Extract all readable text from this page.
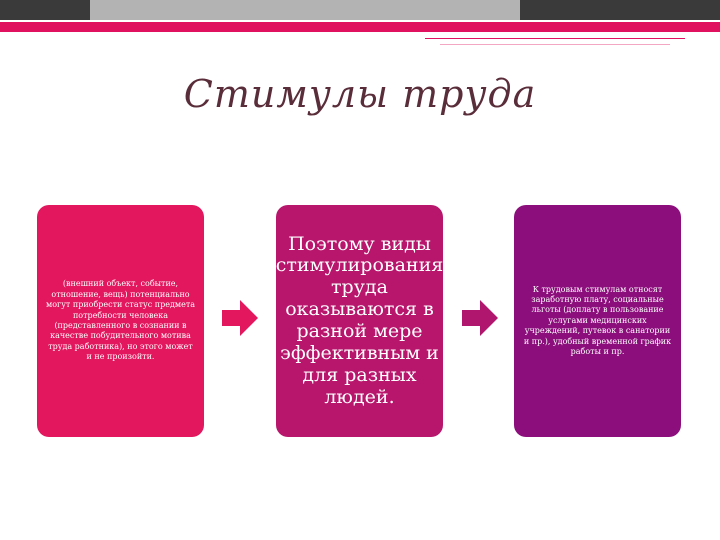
Стимулы труда
(внешний объект, событие, отношение, вещь) потенциально могут приобрести статус предмета потребности человека (представленного в сознании в качестве побудительного мотива труда работника), но этого может и не произойти.
Поэтому виды стимулирования труда оказываются в разной мере эффективным и для разных людей.
К трудовым стимулам относят заработную плату, социальные льготы (доплату в пользование услугами медицинских учреждений, путевок в санатории и пр.), удобный временной график работы и пр.
